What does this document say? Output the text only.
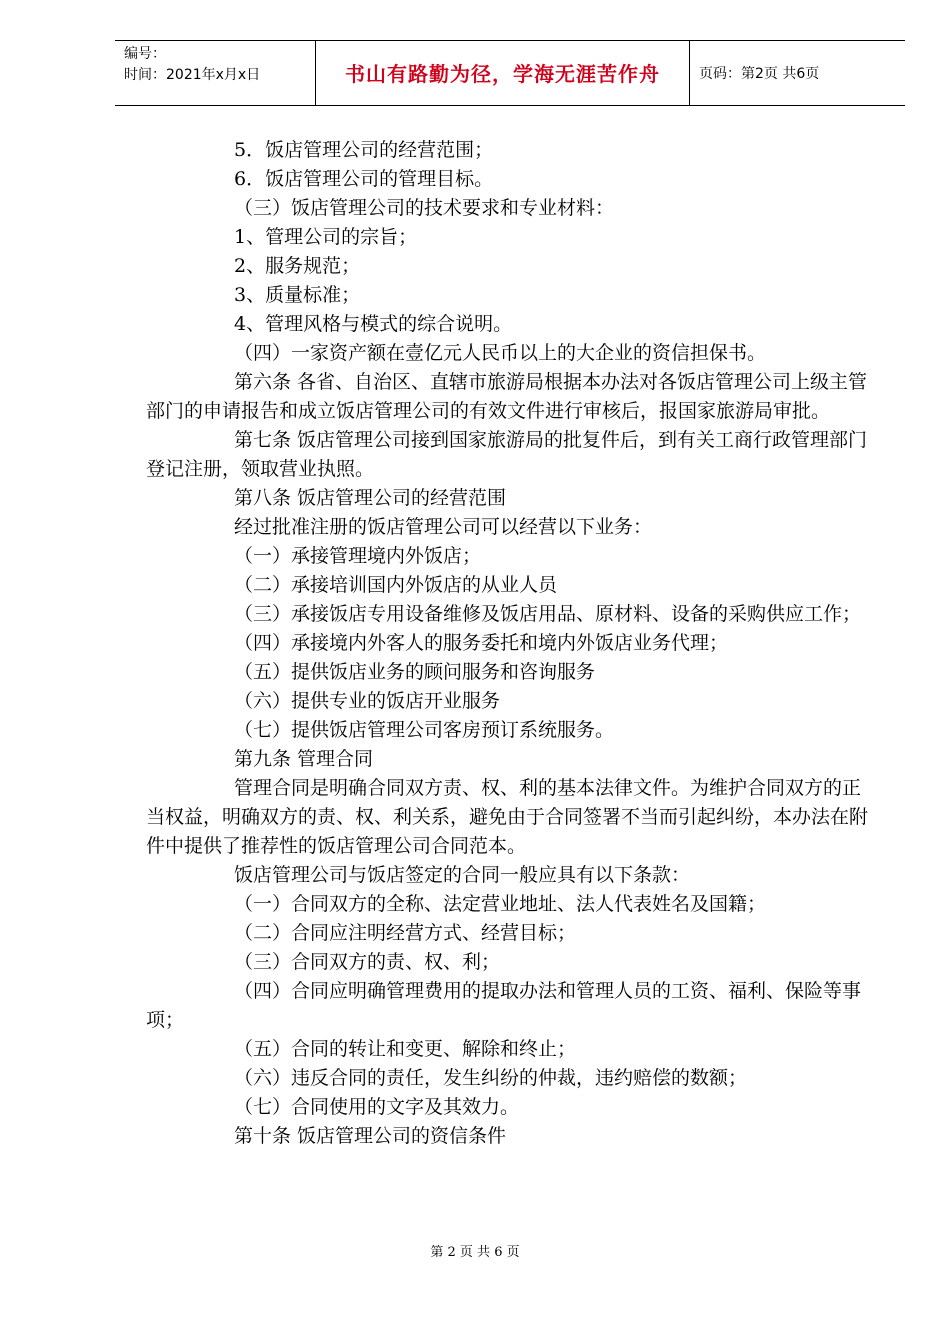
编号：
时间：2021年x月x日	书山有路勤为径，学海无涯苦作舟	页码：第2页 共6页

5．饭店管理公司的经营范围；

6．饭店管理公司的管理目标。

（三）饭店管理公司的技术要求和专业材料：

1、管理公司的宗旨；

2、服务规范；

3、质量标准；

4、管理风格与模式的综合说明。

（四）一家资产额在壹亿元人民币以上的大企业的资信担保书。

第六条 各省、自治区、直辖市旅游局根据本办法对各饭店管理公司上级主管部门的申请报告和成立饭店管理公司的有效文件进行审核后，报国家旅游局审批。

第七条 饭店管理公司接到国家旅游局的批复件后，到有关工商行政管理部门登记注册，领取营业执照。

第八条 饭店管理公司的经营范围

经过批准注册的饭店管理公司可以经营以下业务：

（一）承接管理境内外饭店；

（二）承接培训国内外饭店的从业人员

（三）承接饭店专用设备维修及饭店用品、原材料、设备的采购供应工作；

（四）承接境内外客人的服务委托和境内外饭店业务代理；

（五）提供饭店业务的顾问服务和咨询服务

（六）提供专业的饭店开业服务

（七）提供饭店管理公司客房预订系统服务。

第九条 管理合同

管理合同是明确合同双方责、权、利的基本法律文件。为维护合同双方的正当权益，明确双方的责、权、利关系，避免由于合同签署不当而引起纠纷，本办法在附件中提供了推荐性的饭店管理公司合同范本。

饭店管理公司与饭店签定的合同一般应具有以下条款：

（一）合同双方的全称、法定营业地址、法人代表姓名及国籍；

（二）合同应注明经营方式、经营目标；

（三）合同双方的责、权、利；

（四）合同应明确管理费用的提取办法和管理人员的工资、福利、保险等事项；

（五）合同的转让和变更、解除和终止；

（六）违反合同的责任，发生纠纷的仲裁，违约赔偿的数额；

（七）合同使用的文字及其效力。

第十条 饭店管理公司的资信条件

第 2 页 共 6 页
